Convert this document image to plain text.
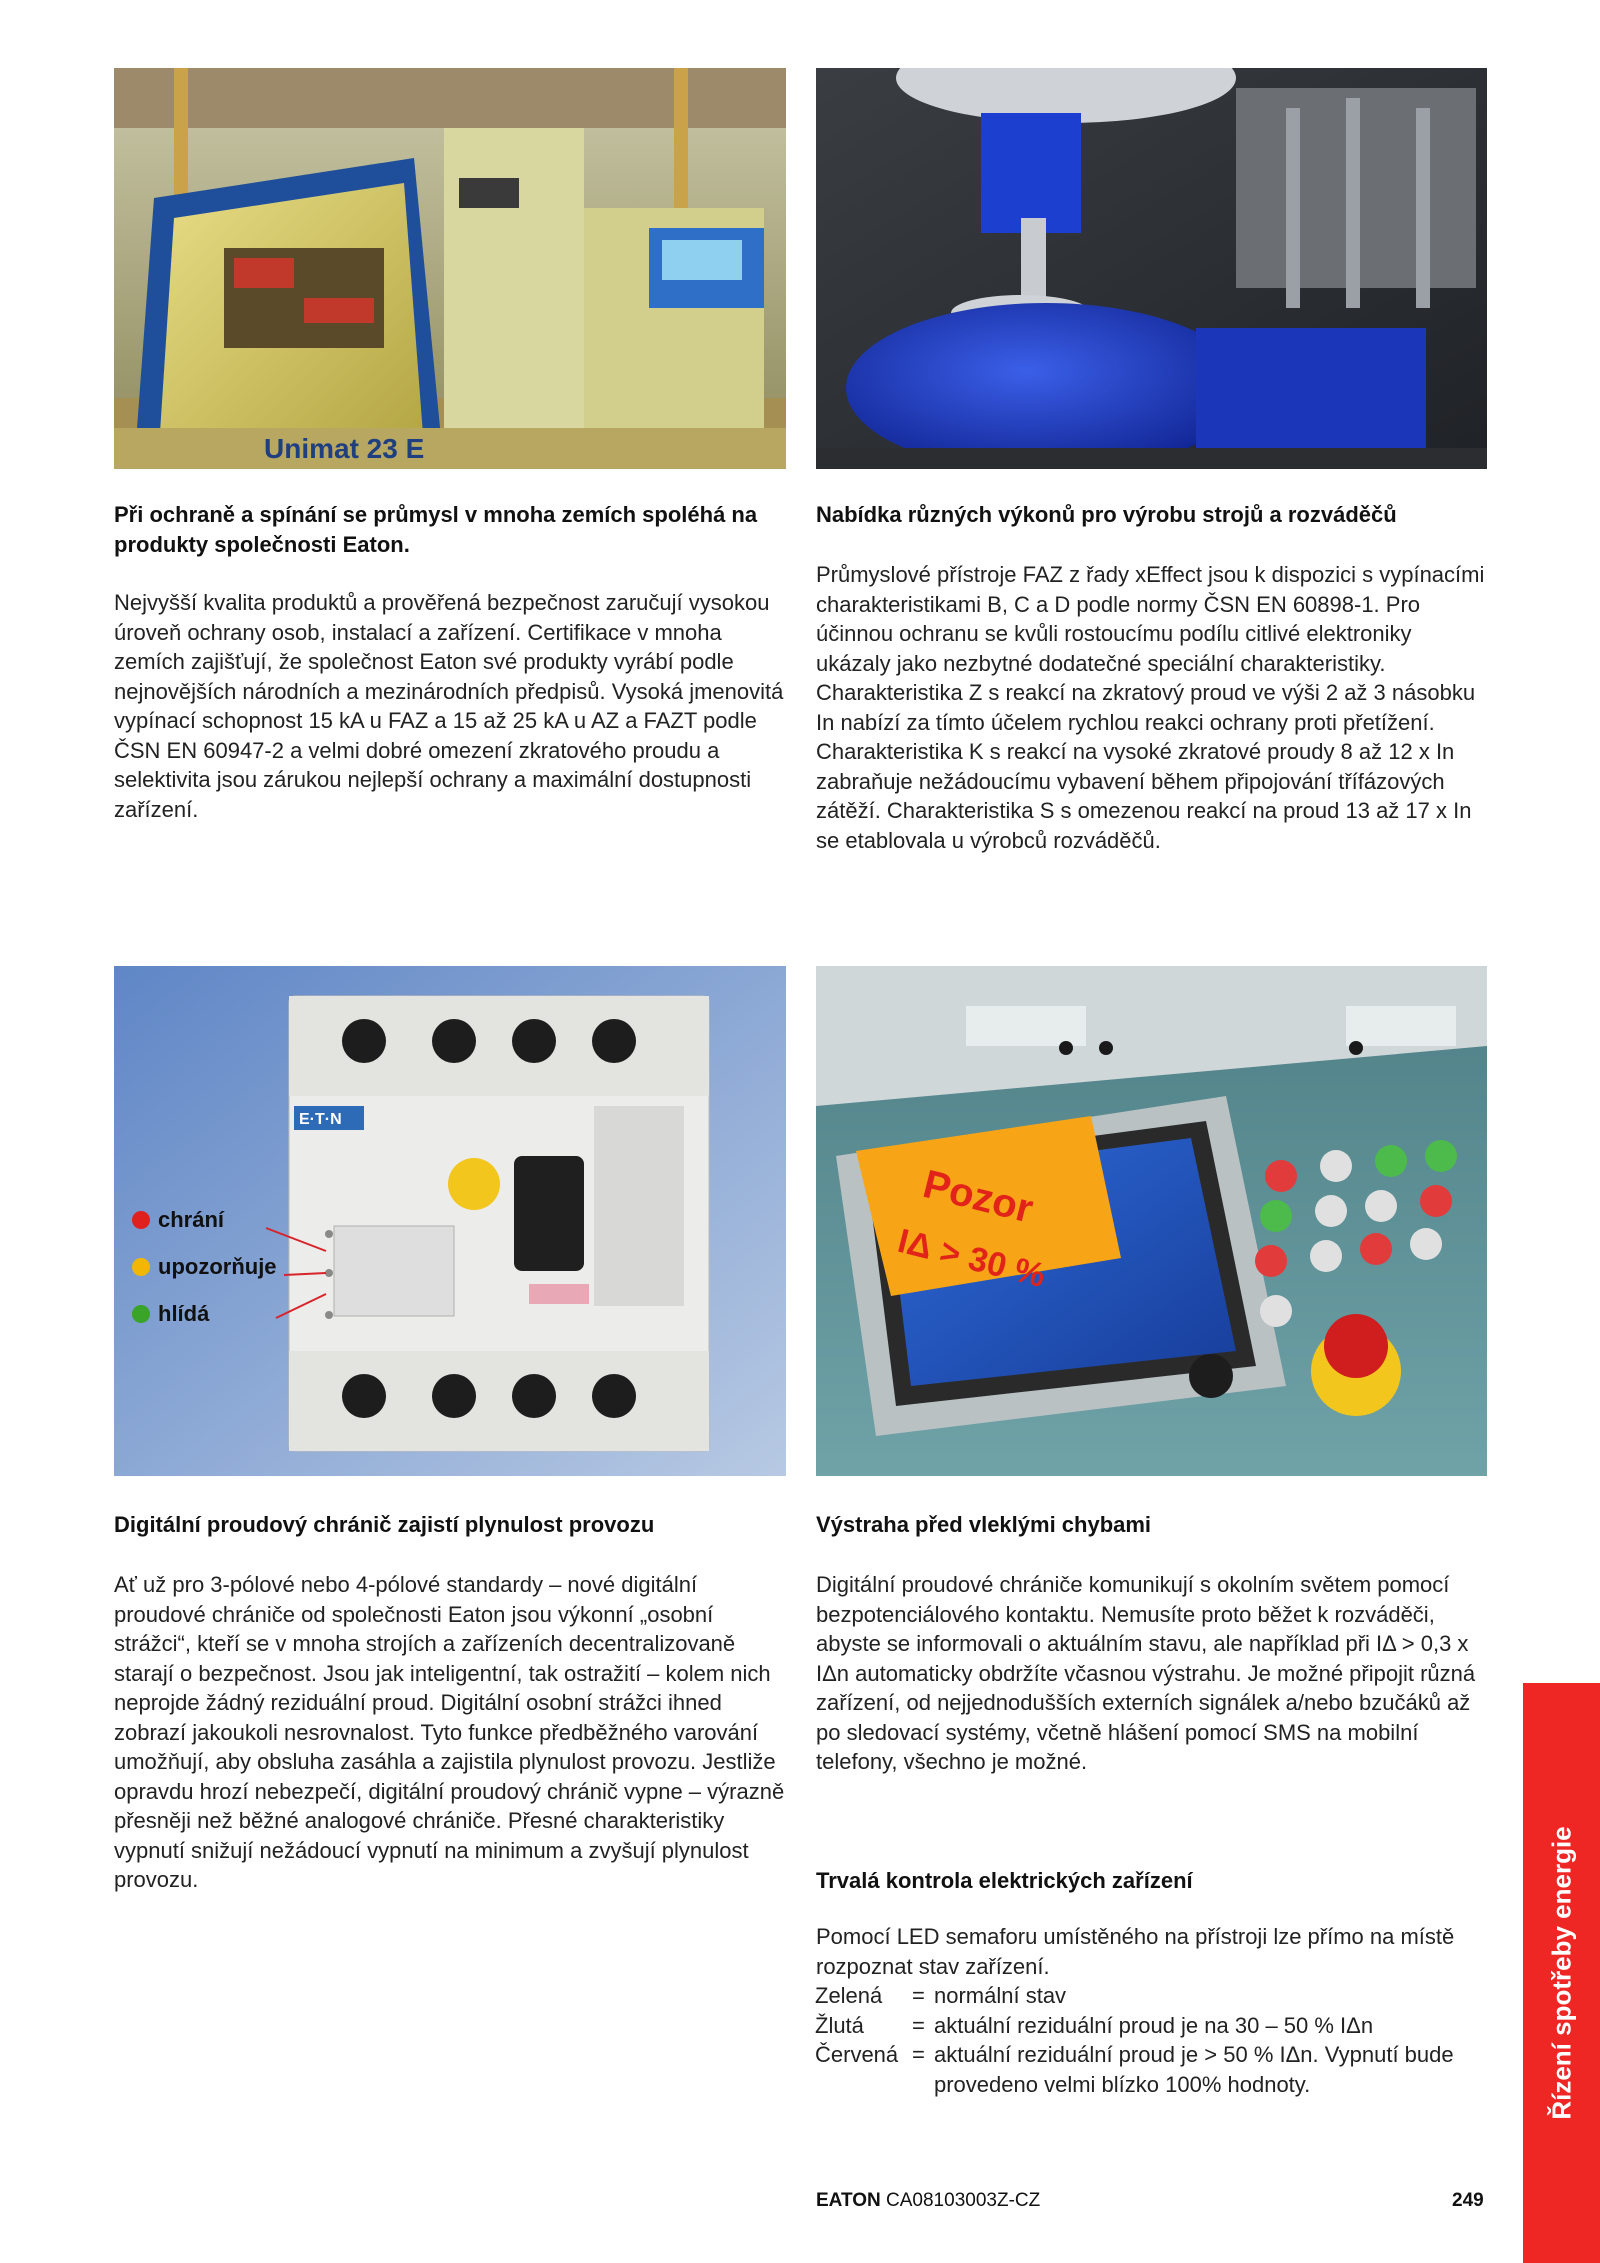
Unimat 23 E
Při ochraně a spínání se průmysl v mnoha zemích spoléhá na produkty společnosti Eaton.

Nejvyšší kvalita produktů a prověřená bezpečnost zaručují vysokou úroveň ochrany osob, instalací a zařízení. Certifikace v mnoha zemích zajišťují, že společnost Eaton své produkty vyrábí podle nejnovějších národních a mezinárodních předpisů. Vysoká jmenovitá vypínací schopnost 15 kA u FAZ a 15 až 25 kA u AZ a FAZT podle ČSN EN 60947-2 a velmi dobré omezení zkratového proudu a selektivita jsou zárukou nejlepší ochrany a maximální dostupnosti zařízení.

Nabídka různých výkonů pro výrobu strojů a rozváděčů

Průmyslové přístroje FAZ z řady xEffect jsou k dispozici s vypínacími charakteristikami B, C a D podle normy ČSN EN 60898-1. Pro účinnou ochranu se kvůli rostoucímu podílu citlivé elektroniky ukázaly jako nezbytné dodatečné speciální charakteristiky. Charakteristika Z s reakcí na zkratový proud ve výši 2 až 3 násobku In nabízí za tímto účelem rychlou reakci ochrany proti přetížení. Charakteristika K s reakcí na vysoké zkratové proudy 8 až 12 x In zabraňuje nežádoucímu vybavení během připojování třífázových zátěží. Charakteristika S s omezenou reakcí na proud 13 až 17 x In se etablovala u výrobců rozváděčů.

E·T·N
chrání
upozorňuje
hlídá
Pozor
IΔ > 30 %
Digitální proudový chránič zajistí plynulost provozu

Ať už pro 3-pólové nebo 4-pólové standardy – nové digitální proudové chrániče od společnosti Eaton jsou výkonní „osobní strážci“, kteří se v mnoha strojích a zařízeních decentralizovaně starají o bezpečnost. Jsou jak inteligentní, tak ostražití – kolem nich neprojde žádný reziduální proud. Digitální osobní strážci ihned zobrazí jakoukoli nesrovnalost. Tyto funkce předběžného varování umožňují, aby obsluha zasáhla a zajistila plynulost provozu. Jestliže opravdu hrozí nebezpečí, digitální proudový chránič vypne – výrazně přesněji než běžné analogové chrániče. Přesné charakteristiky vypnutí snižují nežádoucí vypnutí na minimum a zvyšují plynulost provozu.

Výstraha před vleklými chybami

Digitální proudové chrániče komunikují s okolním světem pomocí bezpotenciálového kontaktu. Nemusíte proto běžet k rozváděči, abyste se informovali o aktuálním stavu, ale například při IΔ > 0,3 x IΔn automaticky obdržíte včasnou výstrahu. Je možné připojit různá zařízení, od nejjednodušších externích signálek a/nebo bzučáků až po sledovací systémy, včetně hlášení pomocí SMS na mobilní telefony, všechno je možné.

Trvalá kontrola elektrických zařízení

Pomocí LED semaforu umístěného na přístroji lze přímo na místě rozpoznat stav zařízení.

Zelená	=	normální stav
Žlutá	=	aktuální reziduální proud je na 30 – 50 % IΔn
Červená	=	aktuální reziduální proud je > 50 % IΔn. Vypnutí bude provedeno velmi blízko 100% hodnoty.	Řízení spotřeby energie
EATON CA08103003Z-CZ	249
